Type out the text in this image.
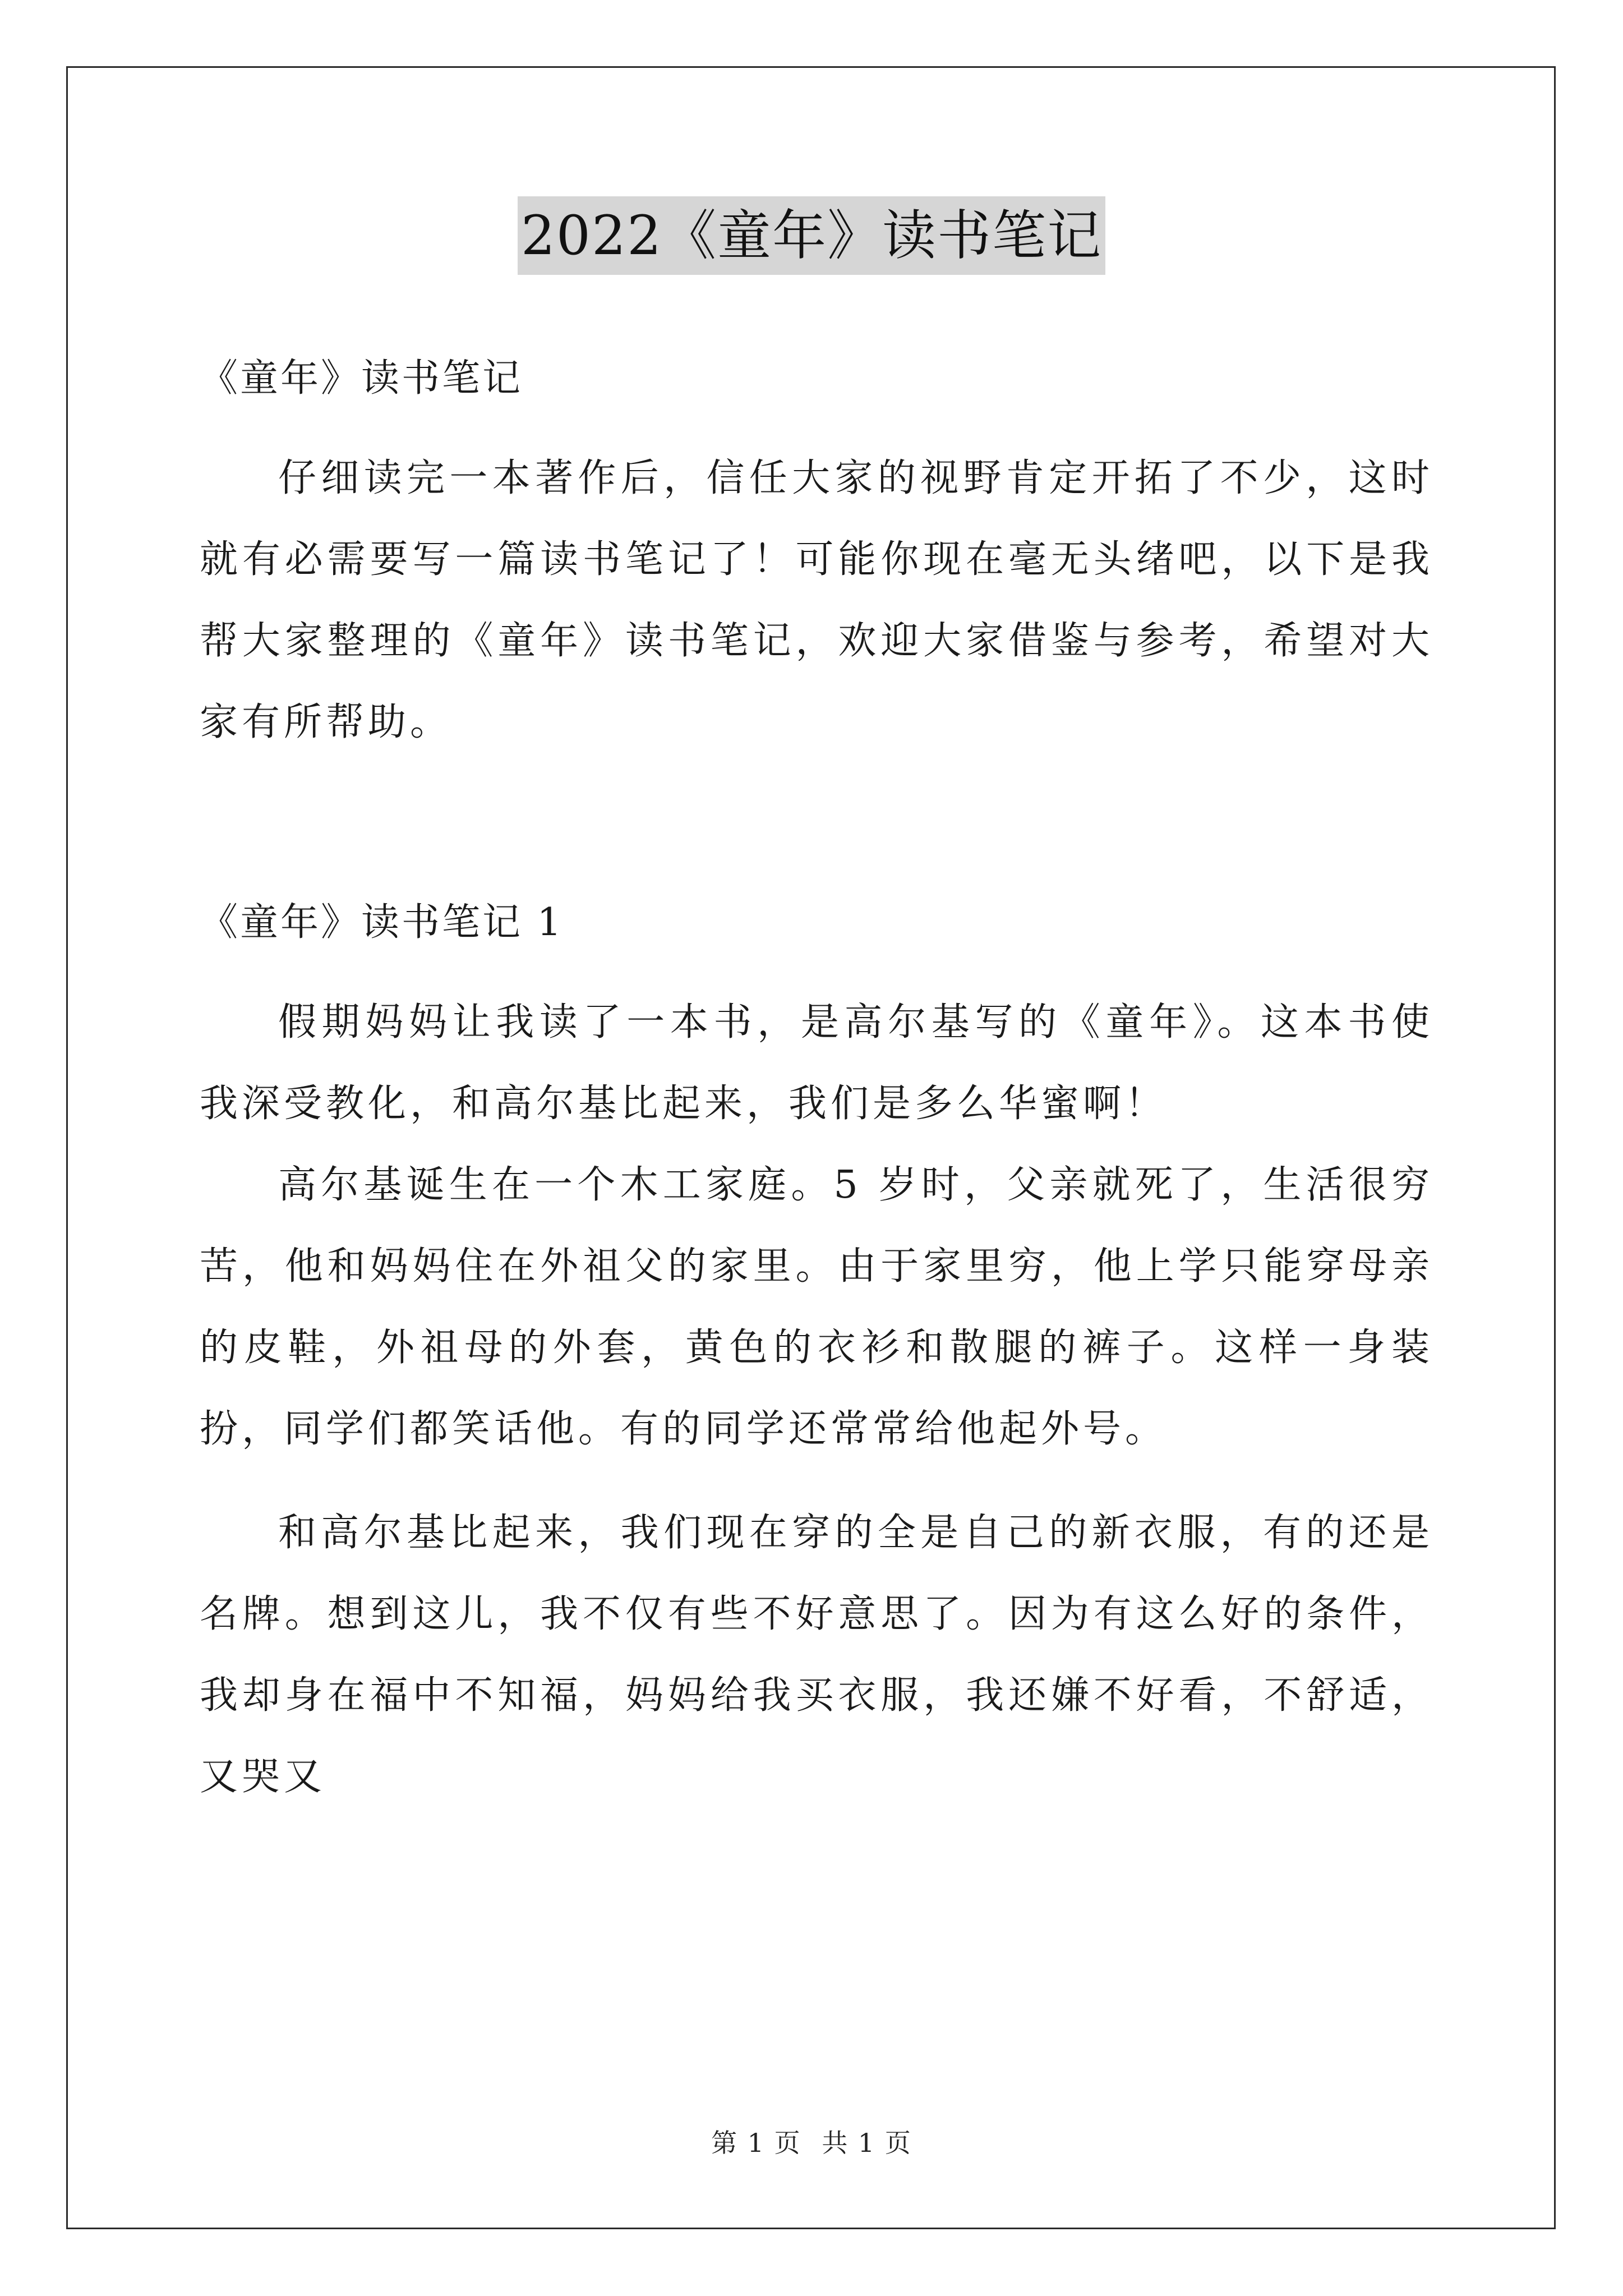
2022《童年》读书笔记

《童年》读书笔记

仔细读完一本著作后，信任大家的视野肯定开拓了不少，这时就有必需要写一篇读书笔记了！可能你现在毫无头绪吧，以下是我帮大家整理的《童年》读书笔记，欢迎大家借鉴与参考，希望对大家有所帮助。

《童年》读书笔记 1

假期妈妈让我读了一本书，是高尔基写的《童年》。这本书使我深受教化，和高尔基比起来，我们是多么华蜜啊！

高尔基诞生在一个木工家庭。5 岁时，父亲就死了，生活很穷苦，他和妈妈住在外祖父的家里。由于家里穷，他上学只能穿母亲的皮鞋，外祖母的外套，黄色的衣衫和散腿的裤子。这样一身装扮，同学们都笑话他。有的同学还常常给他起外号。

和高尔基比起来，我们现在穿的全是自己的新衣服，有的还是名牌。想到这儿，我不仅有些不好意思了。因为有这么好的条件，我却身在福中不知福，妈妈给我买衣服，我还嫌不好看，不舒适，又哭又

第 1 页 共 1 页
